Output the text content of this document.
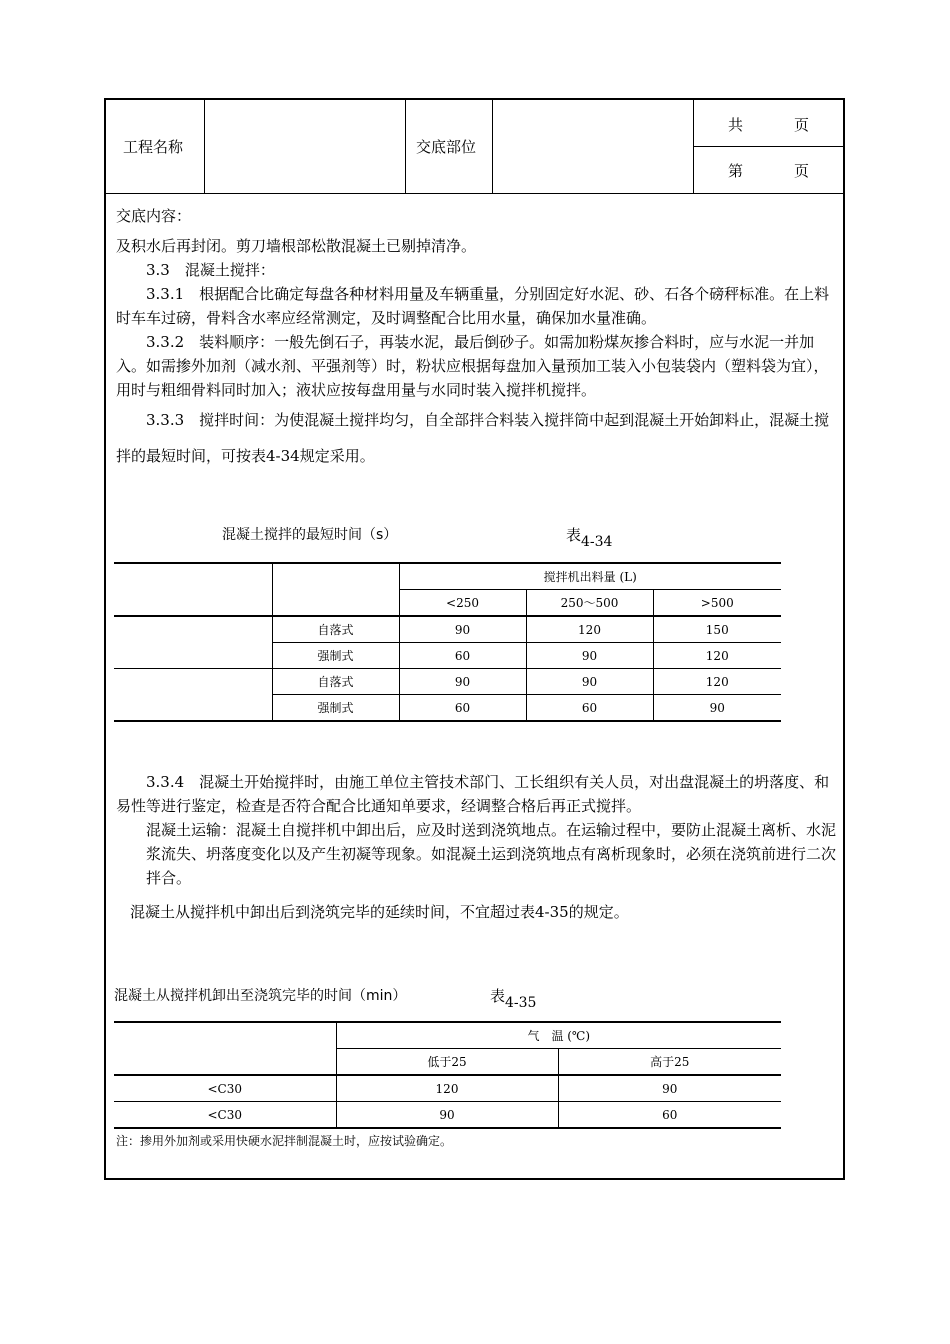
工程名称	交底部位
共	页
第	页

交底内容：

及积水后再封闭。剪刀墙根部松散混凝土已剔掉清净。

3.3　混凝土搅拌：

3.3.1　根据配合比确定每盘各种材料用量及车辆重量，分别固定好水泥、砂、石各个磅秤标准。在上料时车车过磅，骨料含水率应经常测定，及时调整配合比用水量，确保加水量准确。

3.3.2　装料顺序：一般先倒石子，再装水泥，最后倒砂子。如需加粉煤灰掺合料时，应与水泥一并加入。如需掺外加剂（减水剂、平强剂等）时，粉状应根据每盘加入量预加工装入小包装袋内（塑料袋为宜），用时与粗细骨料同时加入；液状应按每盘用量与水同时装入搅拌机搅拌。

3.3.3　搅拌时间：为使混凝土搅拌均匀，自全部拌合料装入搅拌筒中起到混凝土开始卸料止，混凝土搅拌的最短时间，可按表4-34规定采用。

混凝土搅拌的最短时间（s）	表$_{4-34}$
		搅拌机出料量 (L)		
		<250	250～500	>500
	自落式	90	120	150
	强制式	60	90	120
	自落式	90	90	120
	强制式	60	60	90

3.3.4　混凝土开始搅拌时，由施工单位主管技术部门、工长组织有关人员，对出盘混凝土的坍落度、和易性等进行鉴定，检查是否符合配合比通知单要求，经调整合格后再正式搅拌。

混凝土运输：混凝土自搅拌机中卸出后，应及时送到浇筑地点。在运输过程中，要防止混凝土离析、水泥浆流失、坍落度变化以及产生初凝等现象。如混凝土运到浇筑地点有离析现象时，必须在浇筑前进行二次拌合。

混凝土从搅拌机中卸出后到浇筑完毕的延续时间，不宜超过表4-35的规定。

混凝土从搅拌机卸出至浇筑完毕的时间（min）	表$_{4-35}$
	气　温 (℃)	
	低于25	高于25
<C30	120	90
<C30	90	60
注：掺用外加剂或采用快硬水泥拌制混凝土时，应按试验确定。
